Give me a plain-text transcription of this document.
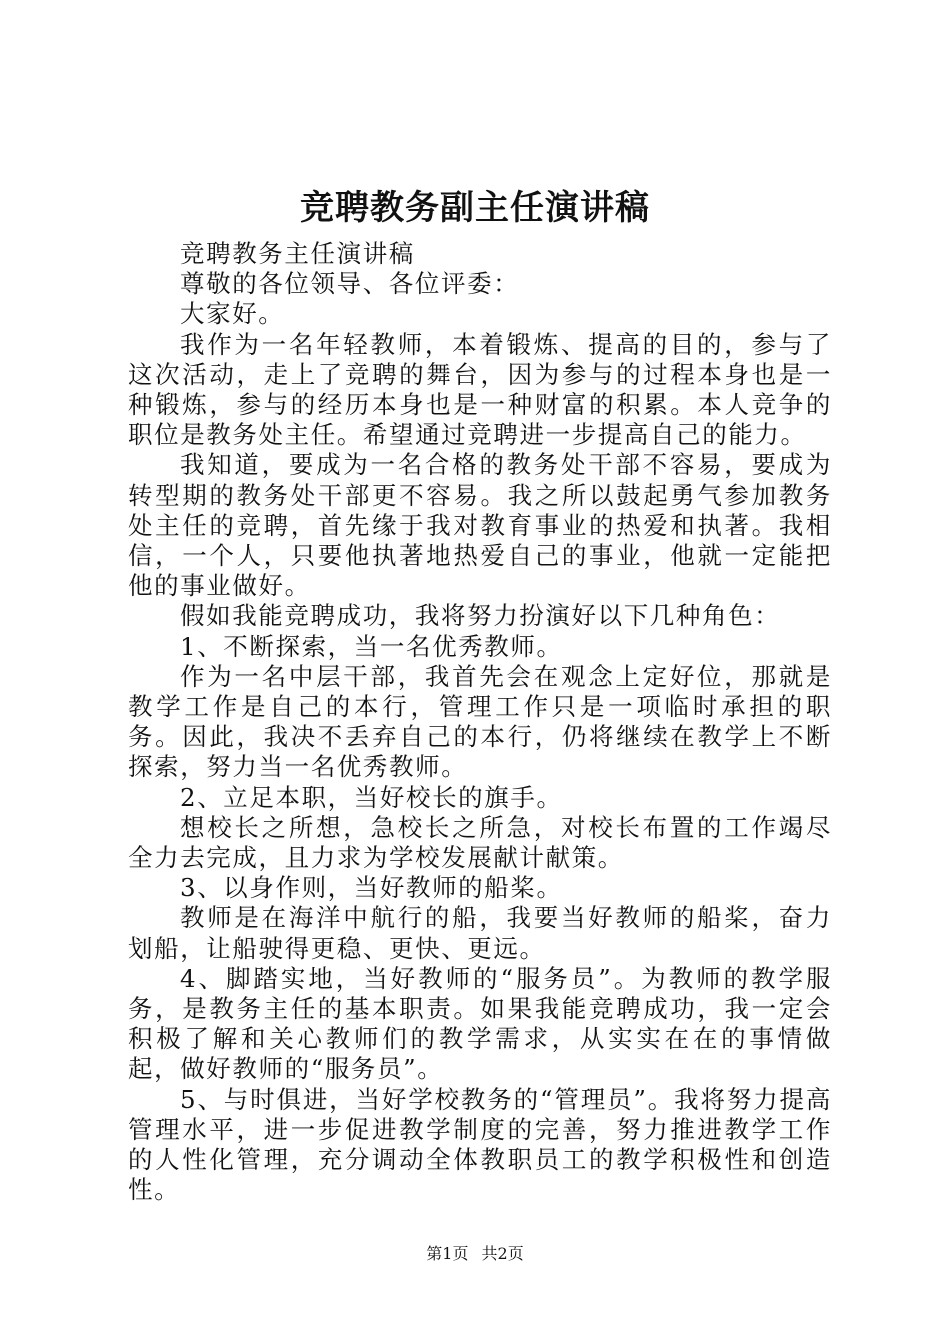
竞聘教务副主任演讲稿

竞聘教务主任演讲稿

尊敬的各位领导、各位评委：

大家好。

我作为一名年轻教师，本着锻炼、提高的目的，参与了这次活动，走上了竞聘的舞台，因为参与的过程本身也是一种锻炼，参与的经历本身也是一种财富的积累。本人竞争的职位是教务处主任。希望通过竞聘进一步提高自己的能力。

我知道，要成为一名合格的教务处干部不容易，要成为转型期的教务处干部更不容易。我之所以鼓起勇气参加教务处主任的竞聘，首先缘于我对教育事业的热爱和执著。我相信，一个人，只要他执著地热爱自己的事业，他就一定能把他的事业做好。

假如我能竞聘成功，我将努力扮演好以下几种角色：

1、不断探索，当一名优秀教师。

作为一名中层干部，我首先会在观念上定好位，那就是教学工作是自己的本行，管理工作只是一项临时承担的职务。因此，我决不丢弃自己的本行，仍将继续在教学上不断探索，努力当一名优秀教师。

2、立足本职，当好校长的旗手。

想校长之所想，急校长之所急，对校长布置的工作竭尽全力去完成，且力求为学校发展献计献策。

3、以身作则，当好教师的船桨。

教师是在海洋中航行的船，我要当好教师的船桨，奋力划船，让船驶得更稳、更快、更远。

4、脚踏实地，当好教师的“服务员”。为教师的教学服务，是教务主任的基本职责。如果我能竞聘成功，我一定会积极了解和关心教师们的教学需求，从实实在在的事情做起，做好教师的“服务员”。

5、与时俱进，当好学校教务的“管理员”。我将努力提高管理水平，进一步促进教学制度的完善，努力推进教学工作的人性化管理，充分调动全体教职员工的教学积极性和创造性。

第1页 共2页
